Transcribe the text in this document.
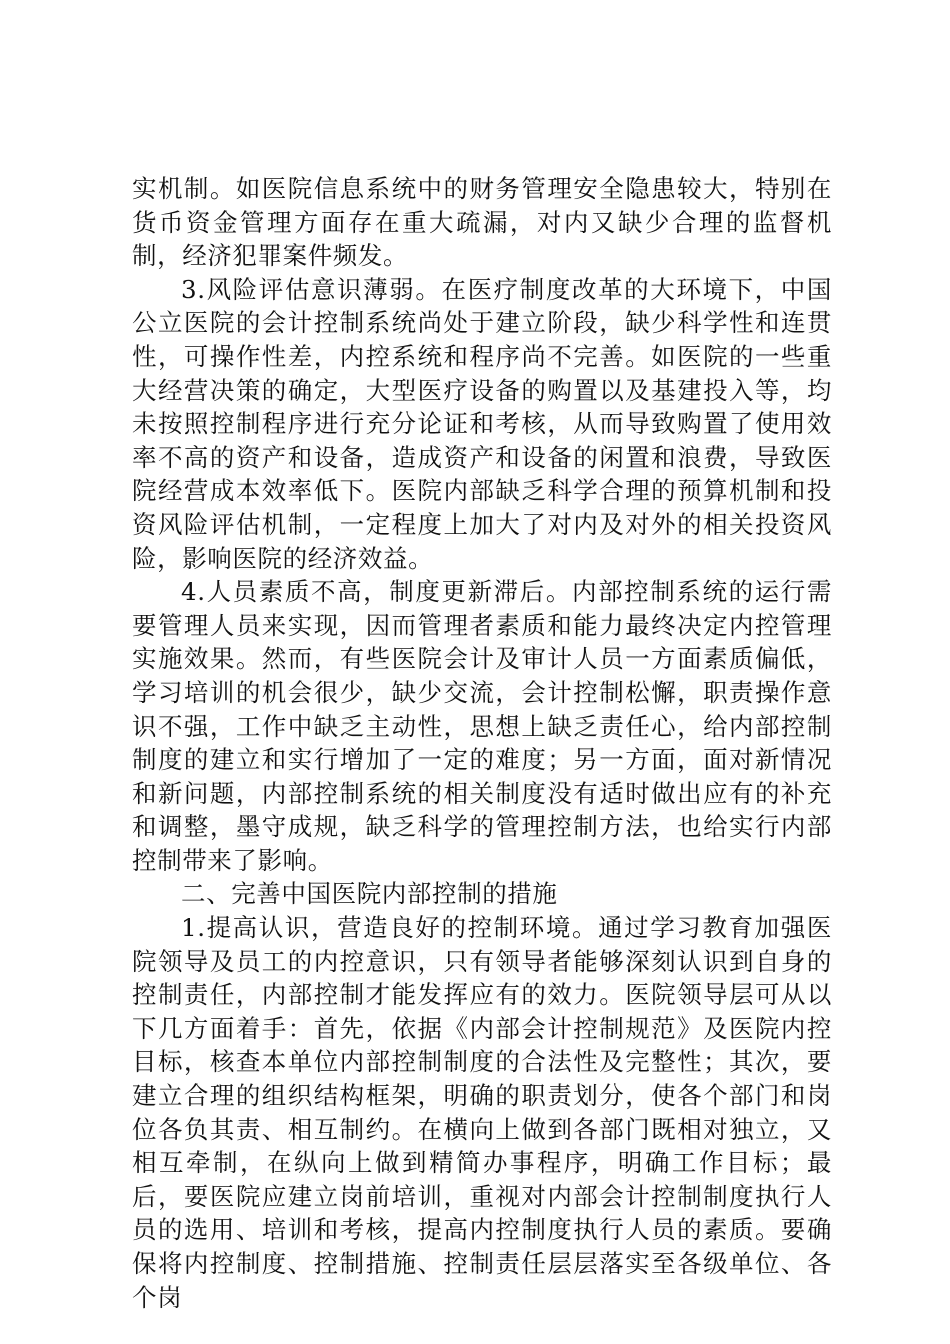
实机制。如医院信息系统中的财务管理安全隐患较大，特别在货币资金管理方面存在重大疏漏，对内又缺少合理的监督机制，经济犯罪案件频发。

3.风险评估意识薄弱。在医疗制度改革的大环境下，中国公立医院的会计控制系统尚处于建立阶段，缺少科学性和连贯性，可操作性差，内控系统和程序尚不完善。如医院的一些重大经营决策的确定，大型医疗设备的购置以及基建投入等，均未按照控制程序进行充分论证和考核，从而导致购置了使用效率不高的资产和设备，造成资产和设备的闲置和浪费，导致医院经营成本效率低下。医院内部缺乏科学合理的预算机制和投资风险评估机制，一定程度上加大了对内及对外的相关投资风险，影响医院的经济效益。

4.人员素质不高，制度更新滞后。内部控制系统的运行需要管理人员来实现，因而管理者素质和能力最终决定内控管理实施效果。然而，有些医院会计及审计人员一方面素质偏低，学习培训的机会很少，缺少交流，会计控制松懈，职责操作意识不强，工作中缺乏主动性，思想上缺乏责任心，给内部控制制度的建立和实行增加了一定的难度；另一方面，面对新情况和新问题，内部控制系统的相关制度没有适时做出应有的补充和调整，墨守成规，缺乏科学的管理控制方法，也给实行内部控制带来了影响。

二、完善中国医院内部控制的措施

1.提高认识，营造良好的控制环境。通过学习教育加强医院领导及员工的内控意识，只有领导者能够深刻认识到自身的控制责任，内部控制才能发挥应有的效力。医院领导层可从以下几方面着手：首先，依据《内部会计控制规范》及医院内控目标，核查本单位内部控制制度的合法性及完整性；其次，要建立合理的组织结构框架，明确的职责划分，使各个部门和岗位各负其责、相互制约。在横向上做到各部门既相对独立，又相互牵制，在纵向上做到精简办事程序，明确工作目标；最后，要医院应建立岗前培训，重视对内部会计控制制度执行人员的选用、培训和考核，提高内控制度执行人员的素质。要确保将内控制度、控制措施、控制责任层层落实至各级单位、各个岗
